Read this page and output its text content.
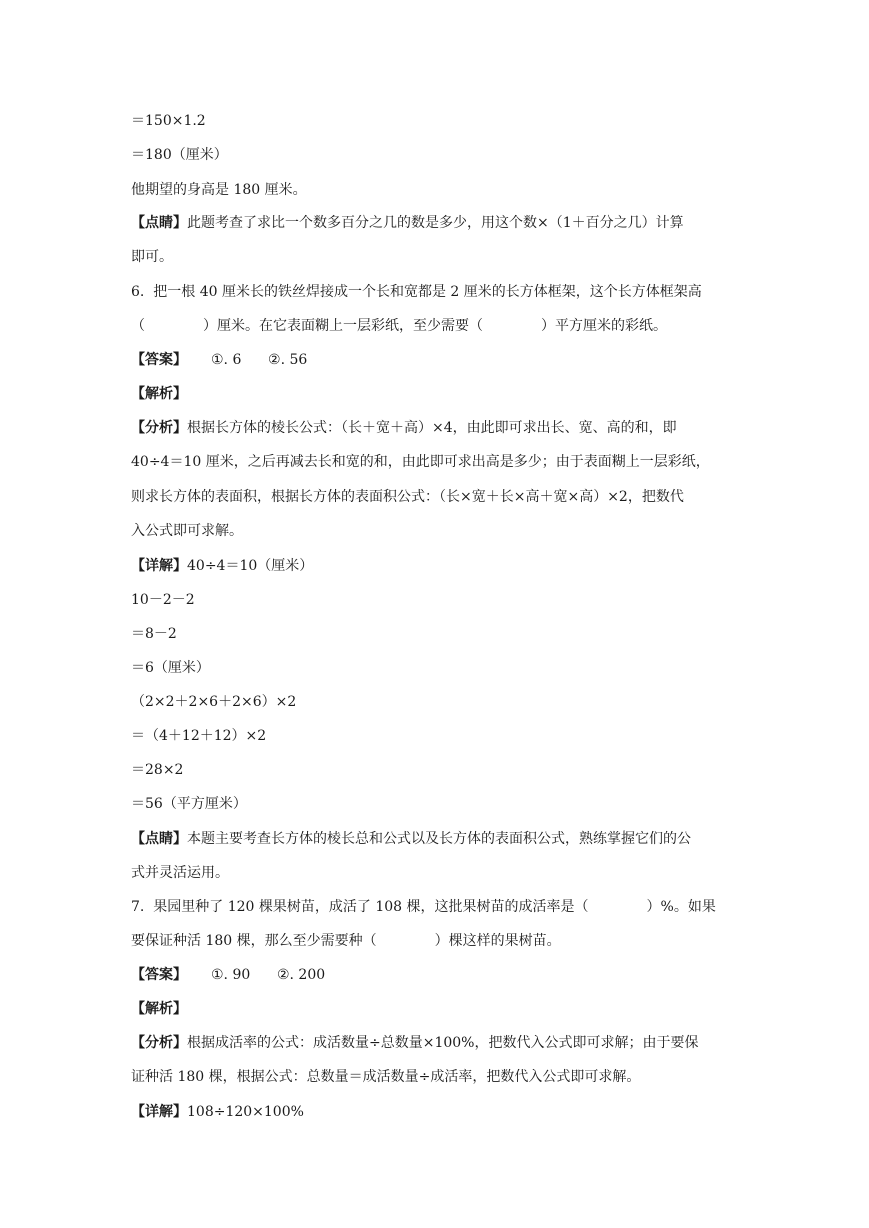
＝150×1.2
＝180（厘米）
他期望的身高是 180 厘米。
【点睛】此题考查了求比一个数多百分之几的数是多少，用这个数×（1＋百分之几）计算
即可。
6.  把一根 40 厘米长的铁丝焊接成一个长和宽都是 2 厘米的长方体框架，这个长方体框架高
（	）厘米。在它表面糊上一层彩纸，至少需要（	）平方厘米的彩纸。
【答案】 ①. 6      ②. 56
【解析】
【分析】根据长方体的棱长公式：（长＋宽＋高）×4，由此即可求出长、宽、高的和，即
40÷4＝10 厘米，之后再减去长和宽的和，由此即可求出高是多少；由于表面糊上一层彩纸，
则求长方体的表面积，根据长方体的表面积公式：（长×宽＋长×高＋宽×高）×2，把数代
入公式即可求解。
【详解】40÷4＝10（厘米）
10－2－2
＝8－2
＝6（厘米）
（2×2＋2×6＋2×6）×2
＝（4＋12＋12）×2
＝28×2
＝56（平方厘米）
【点睛】本题主要考查长方体的棱长总和公式以及长方体的表面积公式，熟练掌握它们的公
式并灵活运用。
7.  果园里种了 120 棵果树苗，成活了 108 棵，这批果树苗的成活率是（	）%。如果
要保证种活 180 棵，那么至少需要种（	）棵这样的果树苗。
【答案】 ①. 90      ②. 200
【解析】
【分析】根据成活率的公式：成活数量÷总数量×100%，把数代入公式即可求解；由于要保
证种活 180 棵，根据公式：总数量＝成活数量÷成活率，把数代入公式即可求解。
【详解】108÷120×100%
